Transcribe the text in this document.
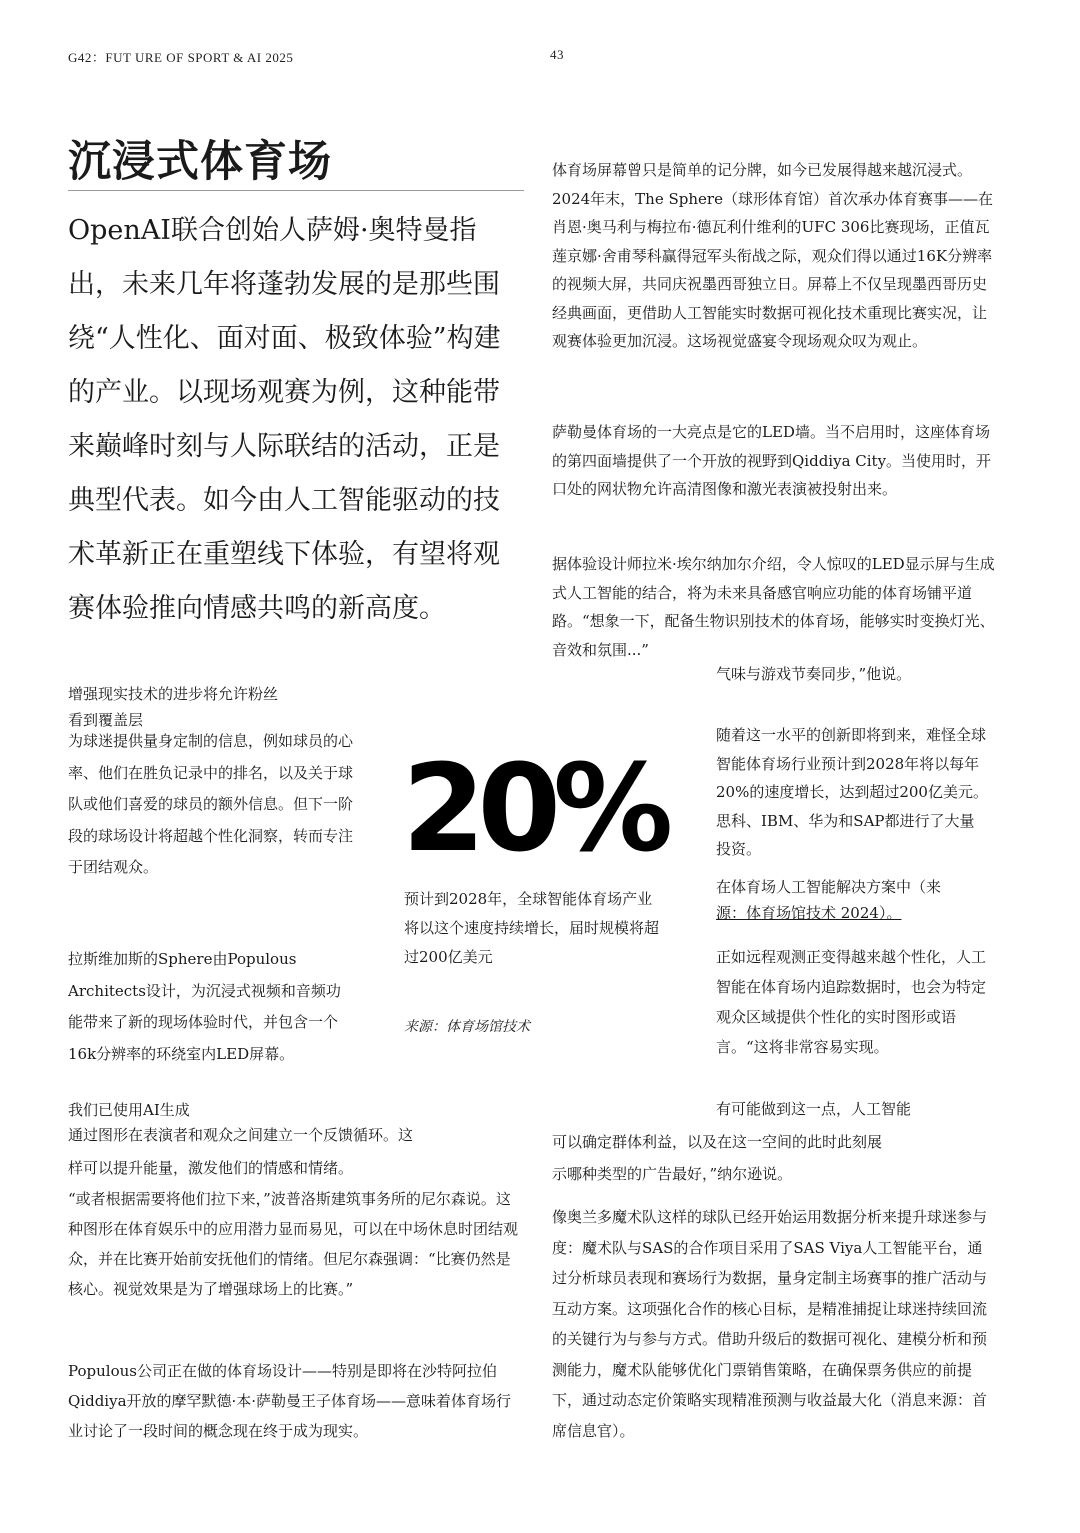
G42：FUT URE OF SPORT & AI 2025	43
沉浸式体育场
OpenAI联合创始人萨姆·奥特曼指出，未来几年将蓬勃发展的是那些围绕“人性化、面对面、极致体验”构建的产业。以现场观赛为例，这种能带来巅峰时刻与人际联结的活动，正是典型代表。如今由人工智能驱动的技术革新正在重塑线下体验，有望将观赛体验推向情感共鸣的新高度。
增强现实技术的进步将允许粉丝
看到覆盖层
为球迷提供量身定制的信息，例如球员的心率、他们在胜负记录中的排名，以及关于球队或他们喜爱的球员的额外信息。但下一阶段的球场设计将超越个性化洞察，转而专注于团结观众。
拉斯维加斯的Sphere由Populous Architects设计，为沉浸式视频和音频功能带来了新的现场体验时代，并包含一个16k分辨率的环绕室内LED屏幕。
我们已使用AI生成
通过图形在表演者和观众之间建立一个反馈循环。这
样可以提升能量，激发他们的情感和情绪。
“或者根据需要将他们拉下来，”波普洛斯建筑事务所的尼尔森说。这种图形在体育娱乐中的应用潜力显而易见，可以在中场休息时团结观众，并在比赛开始前安抚他们的情绪。但尼尔森强调：“比赛仍然是核心。视觉效果是为了增强球场上的比赛。”
Populous公司正在做的体育场设计——特别是即将在沙特阿拉伯Qiddiya开放的摩罕默德·本·萨勒曼王子体育场——意味着体育场行业讨论了一段时间的概念现在终于成为现实。
20%
预计到2028年，全球智能体育场产业将以这个速度持续增长，届时规模将超过200亿美元
来源：体育场馆技术
体育场屏幕曾只是简单的记分牌，如今已发展得越来越沉浸式。2024年末，The Sphere（球形体育馆）首次承办体育赛事——在肖恩·奥马利与梅拉布·德瓦利什维利的UFC 306比赛现场，正值瓦莲京娜·舍甫琴科赢得冠军头衔战之际，观众们得以通过16K分辨率的视频大屏，共同庆祝墨西哥独立日。屏幕上不仅呈现墨西哥历史经典画面，更借助人工智能实时数据可视化技术重现比赛实况，让观赛体验更加沉浸。这场视觉盛宴令现场观众叹为观止。
萨勒曼体育场的一大亮点是它的LED墙。当不启用时，这座体育场的第四面墙提供了一个开放的视野到Qiddiya City。当使用时，开口处的网状物允许高清图像和激光表演被投射出来。
据体验设计师拉米·埃尔纳加尔介绍，令人惊叹的LED显示屏与生成式人工智能的结合，将为未来具备感官响应功能的体育场铺平道路。“想象一下，配备生物识别技术的体育场，能够实时变换灯光、音效和氛围...”
气味与游戏节奏同步，”他说。
随着这一水平的创新即将到来，难怪全球智能体育场行业预计到2028年将以每年20%的速度增长，达到超过200亿美元。思科、IBM、华为和SAP都进行了大量投资。
在体育场人工智能解决方案中（来
源：体育场馆技术 2024）。
正如远程观测正变得越来越个性化，人工智能在体育场内追踪数据时，也会为特定观众区域提供个性化的实时图形或语言。“这将非常容易实现。
有可能做到这一点，人工智能
可以确定群体利益，以及在这一空间的此时此刻展
示哪种类型的广告最好，”纳尔逊说。
像奥兰多魔术队这样的球队已经开始运用数据分析来提升球迷参与度：魔术队与SAS的合作项目采用了SAS Viya人工智能平台，通过分析球员表现和赛场行为数据，量身定制主场赛事的推广活动与互动方案。这项强化合作的核心目标，是精准捕捉让球迷持续回流的关键行为与参与方式。借助升级后的数据可视化、建模分析和预测能力，魔术队能够优化门票销售策略，在确保票务供应的前提下，通过动态定价策略实现精准预测与收益最大化（消息来源：首席信息官）。
